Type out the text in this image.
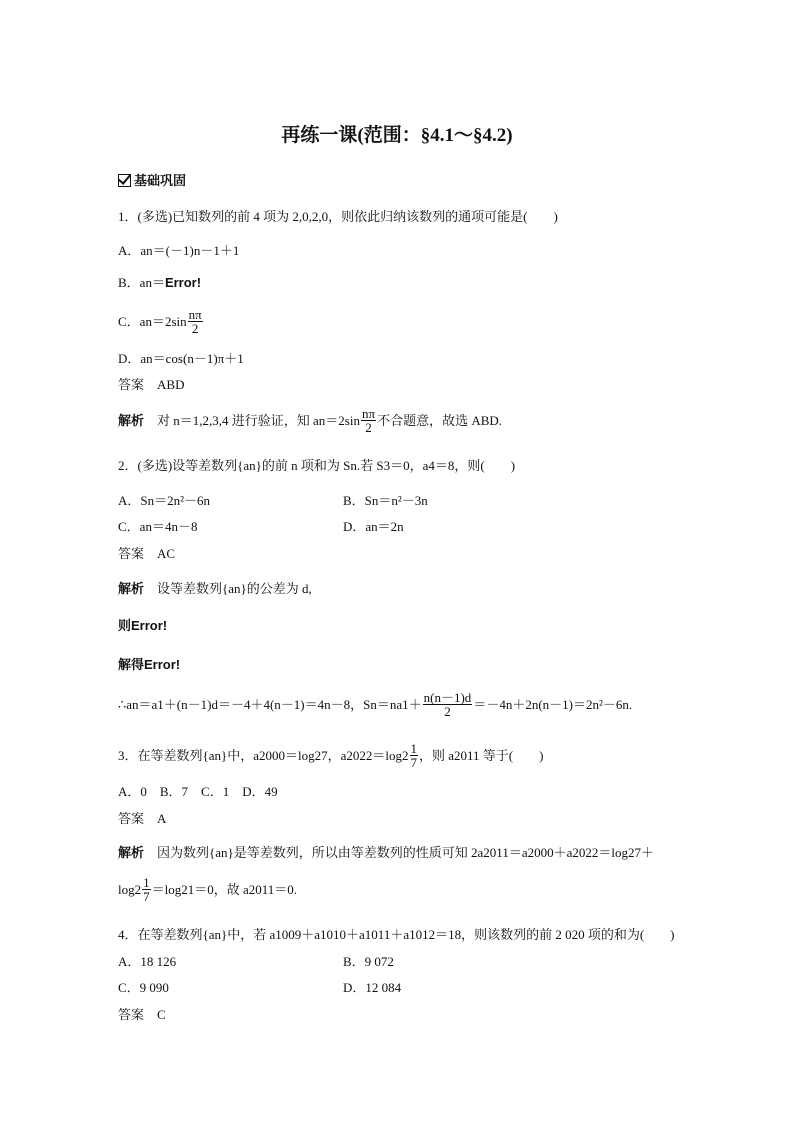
再练一课(范围：§4.1～§4.2)
基础巩固
1．(多选)已知数列的前 4 项为 2,0,2,0，则依此归纳该数列的通项可能是(　　)
A．an＝(－1)n－1＋1
B．an＝Error!
C．$an=2\sin \frac{n\pi}{2}$
D．an＝cos(n－1)π＋1
答案　 ABD
解析　 对 n＝1,2,3,4 进行验证，知 $an=2\sin \frac{n\pi}{2}$ 不合题意，故选 ABD.
2．(多选)设等差数列{an}的前 n 项和为 Sn.若 S3＝0，a4＝8，则(　　)
A．Sn＝2n²－6n	B．Sn＝n²－3n
C．an＝4n－8	D．an＝2n
答案　 AC
解析　 设等差数列{an}的公差为 d,
则Error!
解得Error!
∴an＝a1＋(n－1)d＝－4＋4(n－1)＝4n－8，$Sn=na1+ \frac{n(n-1)d}{2} =-4n+2n(n-1)=2n^2-6n$.
3．在等差数列{an}中，a2000＝log27，$a2022=\log 2 \frac{1}{7}$ ，则 a2011 等于(　　)
A．0　B．7　C．1　D．49
答案　 A
解析　 因为数列{an}是等差数列，所以由等差数列的性质可知 2a2011＝a2000＋a2022＝log27＋
$\log 2 \frac{1}{7} =\log 21=0$，故 a2011＝0.
4．在等差数列{an}中，若 a1009＋a1010＋a1011＋a1012＝18，则该数列的前 2 020 项的和为(　　)
A．18 126	B．9 072
C．9 090	D．12 084
答案　 C
